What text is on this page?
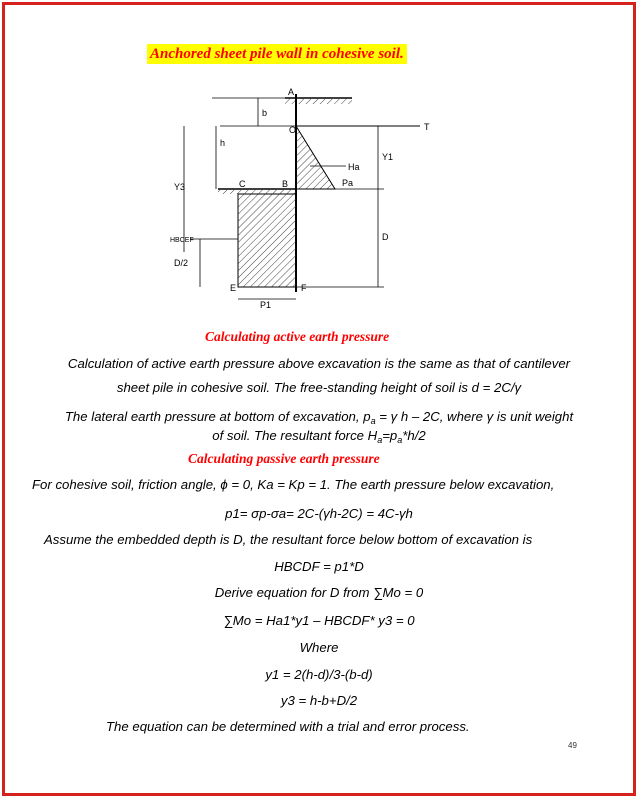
Anchored sheet pile wall in cohesive soil.
A
b
O	T
h
Ha
Y1
Pa
C	B
Y3
HBCEF	D
D/2
E	F
P1
Calculating active earth pressure
Calculation of active earth pressure above excavation is the same as that of cantilever
sheet pile in cohesive soil. The free-standing height of soil is d = 2C/γ
The lateral earth pressure at bottom of excavation, $p_a = \gamma$ h – 2C, where γ is unit weight
of soil. The resultant force $H_a=p_a*h/2$
Calculating passive earth pressure
For cohesive soil, friction angle, ϕ = 0, Ka = Kp = 1. The earth pressure below excavation,
p1= σp-σa= 2C-(γh-2C) = 4C-γh
Assume the embedded depth is D, the resultant force below bottom of excavation is
HBCDF = p1*D
Derive equation for D from ∑Mo = 0
∑Mo = Ha1*y1 – HBCDF* y3 = 0
Where
y1 = 2(h-d)/3-(b-d)
y3 = h-b+D/2
The equation can be determined with a trial and error process.
49
